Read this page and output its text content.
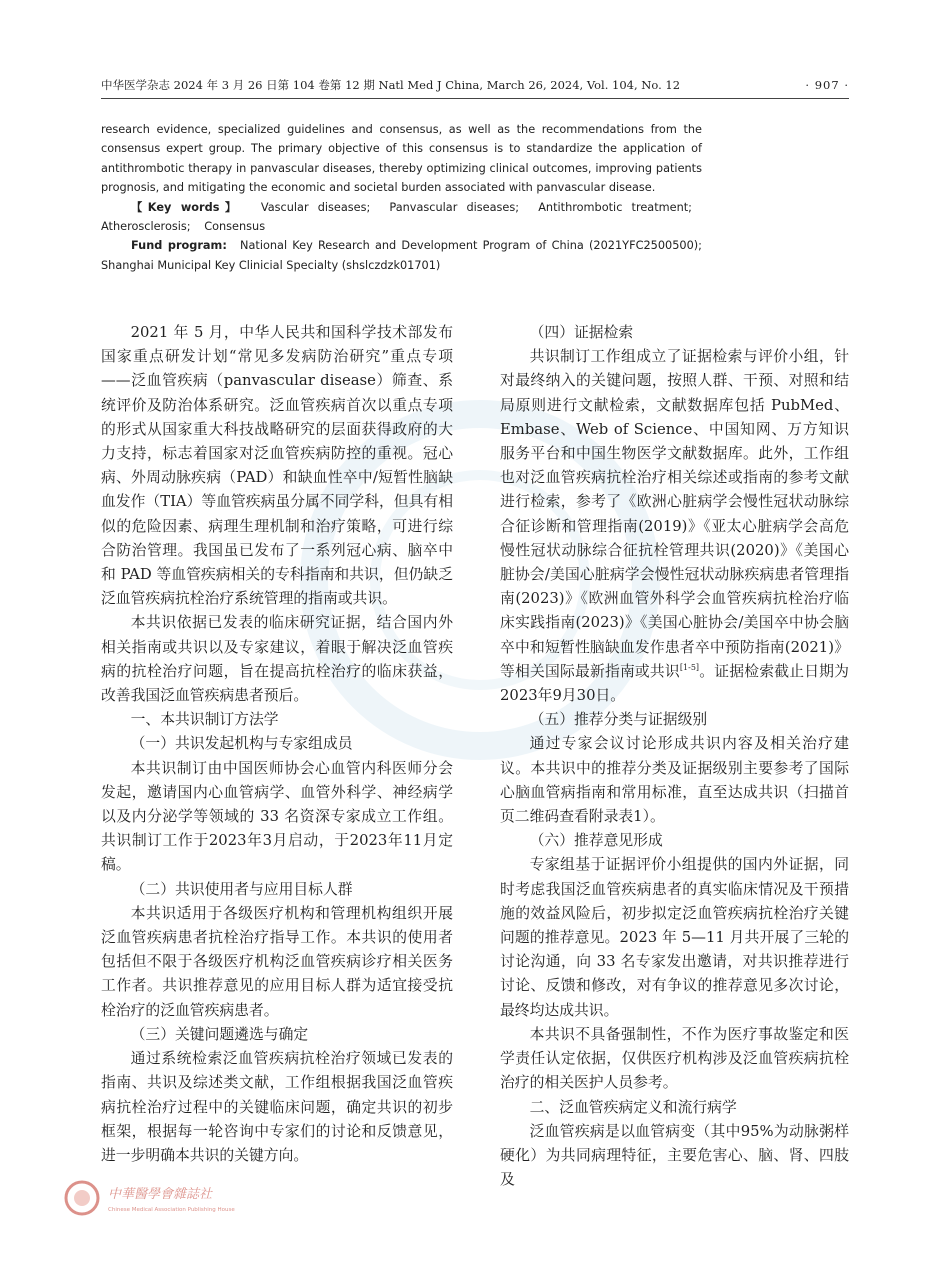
中华医学杂志 2024 年 3 月 26 日第 104 卷第 12 期 Natl Med J China, March 26, 2024, Vol. 104, No. 12	· 907 ·

research evidence, specialized guidelines and consensus, as well as the recommendations from the consensus expert group. The primary objective of this consensus is to standardize the application of antithrombotic therapy in panvascular diseases, thereby optimizing clinical outcomes, improving patients prognosis, and mitigating the economic and societal burden associated with panvascular disease.

【Key words】 Vascular diseases; Panvascular diseases; Antithrombotic treatment; Atherosclerosis; Consensus

Fund program: National Key Research and Development Program of China (2021YFC2500500); Shanghai Municipal Key Clinicial Specialty (shslczdzk01701)

2021 年 5 月，中华人民共和国科学技术部发布国家重点研发计划“常见多发病防治研究”重点专项——泛血管疾病（panvascular disease）筛查、系统评价及防治体系研究。泛血管疾病首次以重点专项的形式从国家重大科技战略研究的层面获得政府的大力支持，标志着国家对泛血管疾病防控的重视。冠心病、外周动脉疾病（PAD）和缺血性卒中/短暂性脑缺血发作（TIA）等血管疾病虽分属不同学科，但具有相似的危险因素、病理生理机制和治疗策略，可进行综合防治管理。我国虽已发布了一系列冠心病、脑卒中和 PAD 等血管疾病相关的专科指南和共识，但仍缺乏泛血管疾病抗栓治疗系统管理的指南或共识。

本共识依据已发表的临床研究证据，结合国内外相关指南或共识以及专家建议，着眼于解决泛血管疾病的抗栓治疗问题，旨在提高抗栓治疗的临床获益，改善我国泛血管疾病患者预后。

一、本共识制订方法学

（一）共识发起机构与专家组成员

本共识制订由中国医师协会心血管内科医师分会发起，邀请国内心血管病学、血管外科学、神经病学以及内分泌学等领域的 33 名资深专家成立工作组。共识制订工作于2023年3月启动，于2023年11月定稿。

（二）共识使用者与应用目标人群

本共识适用于各级医疗机构和管理机构组织开展泛血管疾病患者抗栓治疗指导工作。本共识的使用者包括但不限于各级医疗机构泛血管疾病诊疗相关医务工作者。共识推荐意见的应用目标人群为适宜接受抗栓治疗的泛血管疾病患者。

（三）关键问题遴选与确定

通过系统检索泛血管疾病抗栓治疗领域已发表的指南、共识及综述类文献，工作组根据我国泛血管疾病抗栓治疗过程中的关键临床问题，确定共识的初步框架，根据每一轮咨询中专家们的讨论和反馈意见，进一步明确本共识的关键方向。

（四）证据检索

共识制订工作组成立了证据检索与评价小组，针对最终纳入的关键问题，按照人群、干预、对照和结局原则进行文献检索，文献数据库包括 PubMed、Embase、Web of Science、中国知网、万方知识服务平台和中国生物医学文献数据库。此外，工作组也对泛血管疾病抗栓治疗相关综述或指南的参考文献进行检索，参考了《欧洲心脏病学会慢性冠状动脉综合征诊断和管理指南(2019)》《亚太心脏病学会高危慢性冠状动脉综合征抗栓管理共识(2020)》《美国心脏协会/美国心脏病学会慢性冠状动脉疾病患者管理指南(2023)》《欧洲血管外科学会血管疾病抗栓治疗临床实践指南(2023)》《美国心脏协会/美国卒中协会脑卒中和短暂性脑缺血发作患者卒中预防指南(2021)》等相关国际最新指南或共识[1-5]。证据检索截止日期为2023年9月30日。

（五）推荐分类与证据级别

通过专家会议讨论形成共识内容及相关治疗建议。本共识中的推荐分类及证据级别主要参考了国际心脑血管病指南和常用标准，直至达成共识（扫描首页二维码查看附录表1）。

（六）推荐意见形成

专家组基于证据评价小组提供的国内外证据，同时考虑我国泛血管疾病患者的真实临床情况及干预措施的效益风险后，初步拟定泛血管疾病抗栓治疗关键问题的推荐意见。2023 年 5—11 月共开展了三轮的讨论沟通，向 33 名专家发出邀请，对共识推荐进行讨论、反馈和修改，对有争议的推荐意见多次讨论，最终均达成共识。

本共识不具备强制性，不作为医疗事故鉴定和医学责任认定依据，仅供医疗机构涉及泛血管疾病抗栓治疗的相关医护人员参考。

二、泛血管疾病定义和流行病学

泛血管疾病是以血管病变（其中95%为动脉粥样硬化）为共同病理特征，主要危害心、脑、肾、四肢及

中華醫學會雜誌社
Chinese Medical Association Publishing House
